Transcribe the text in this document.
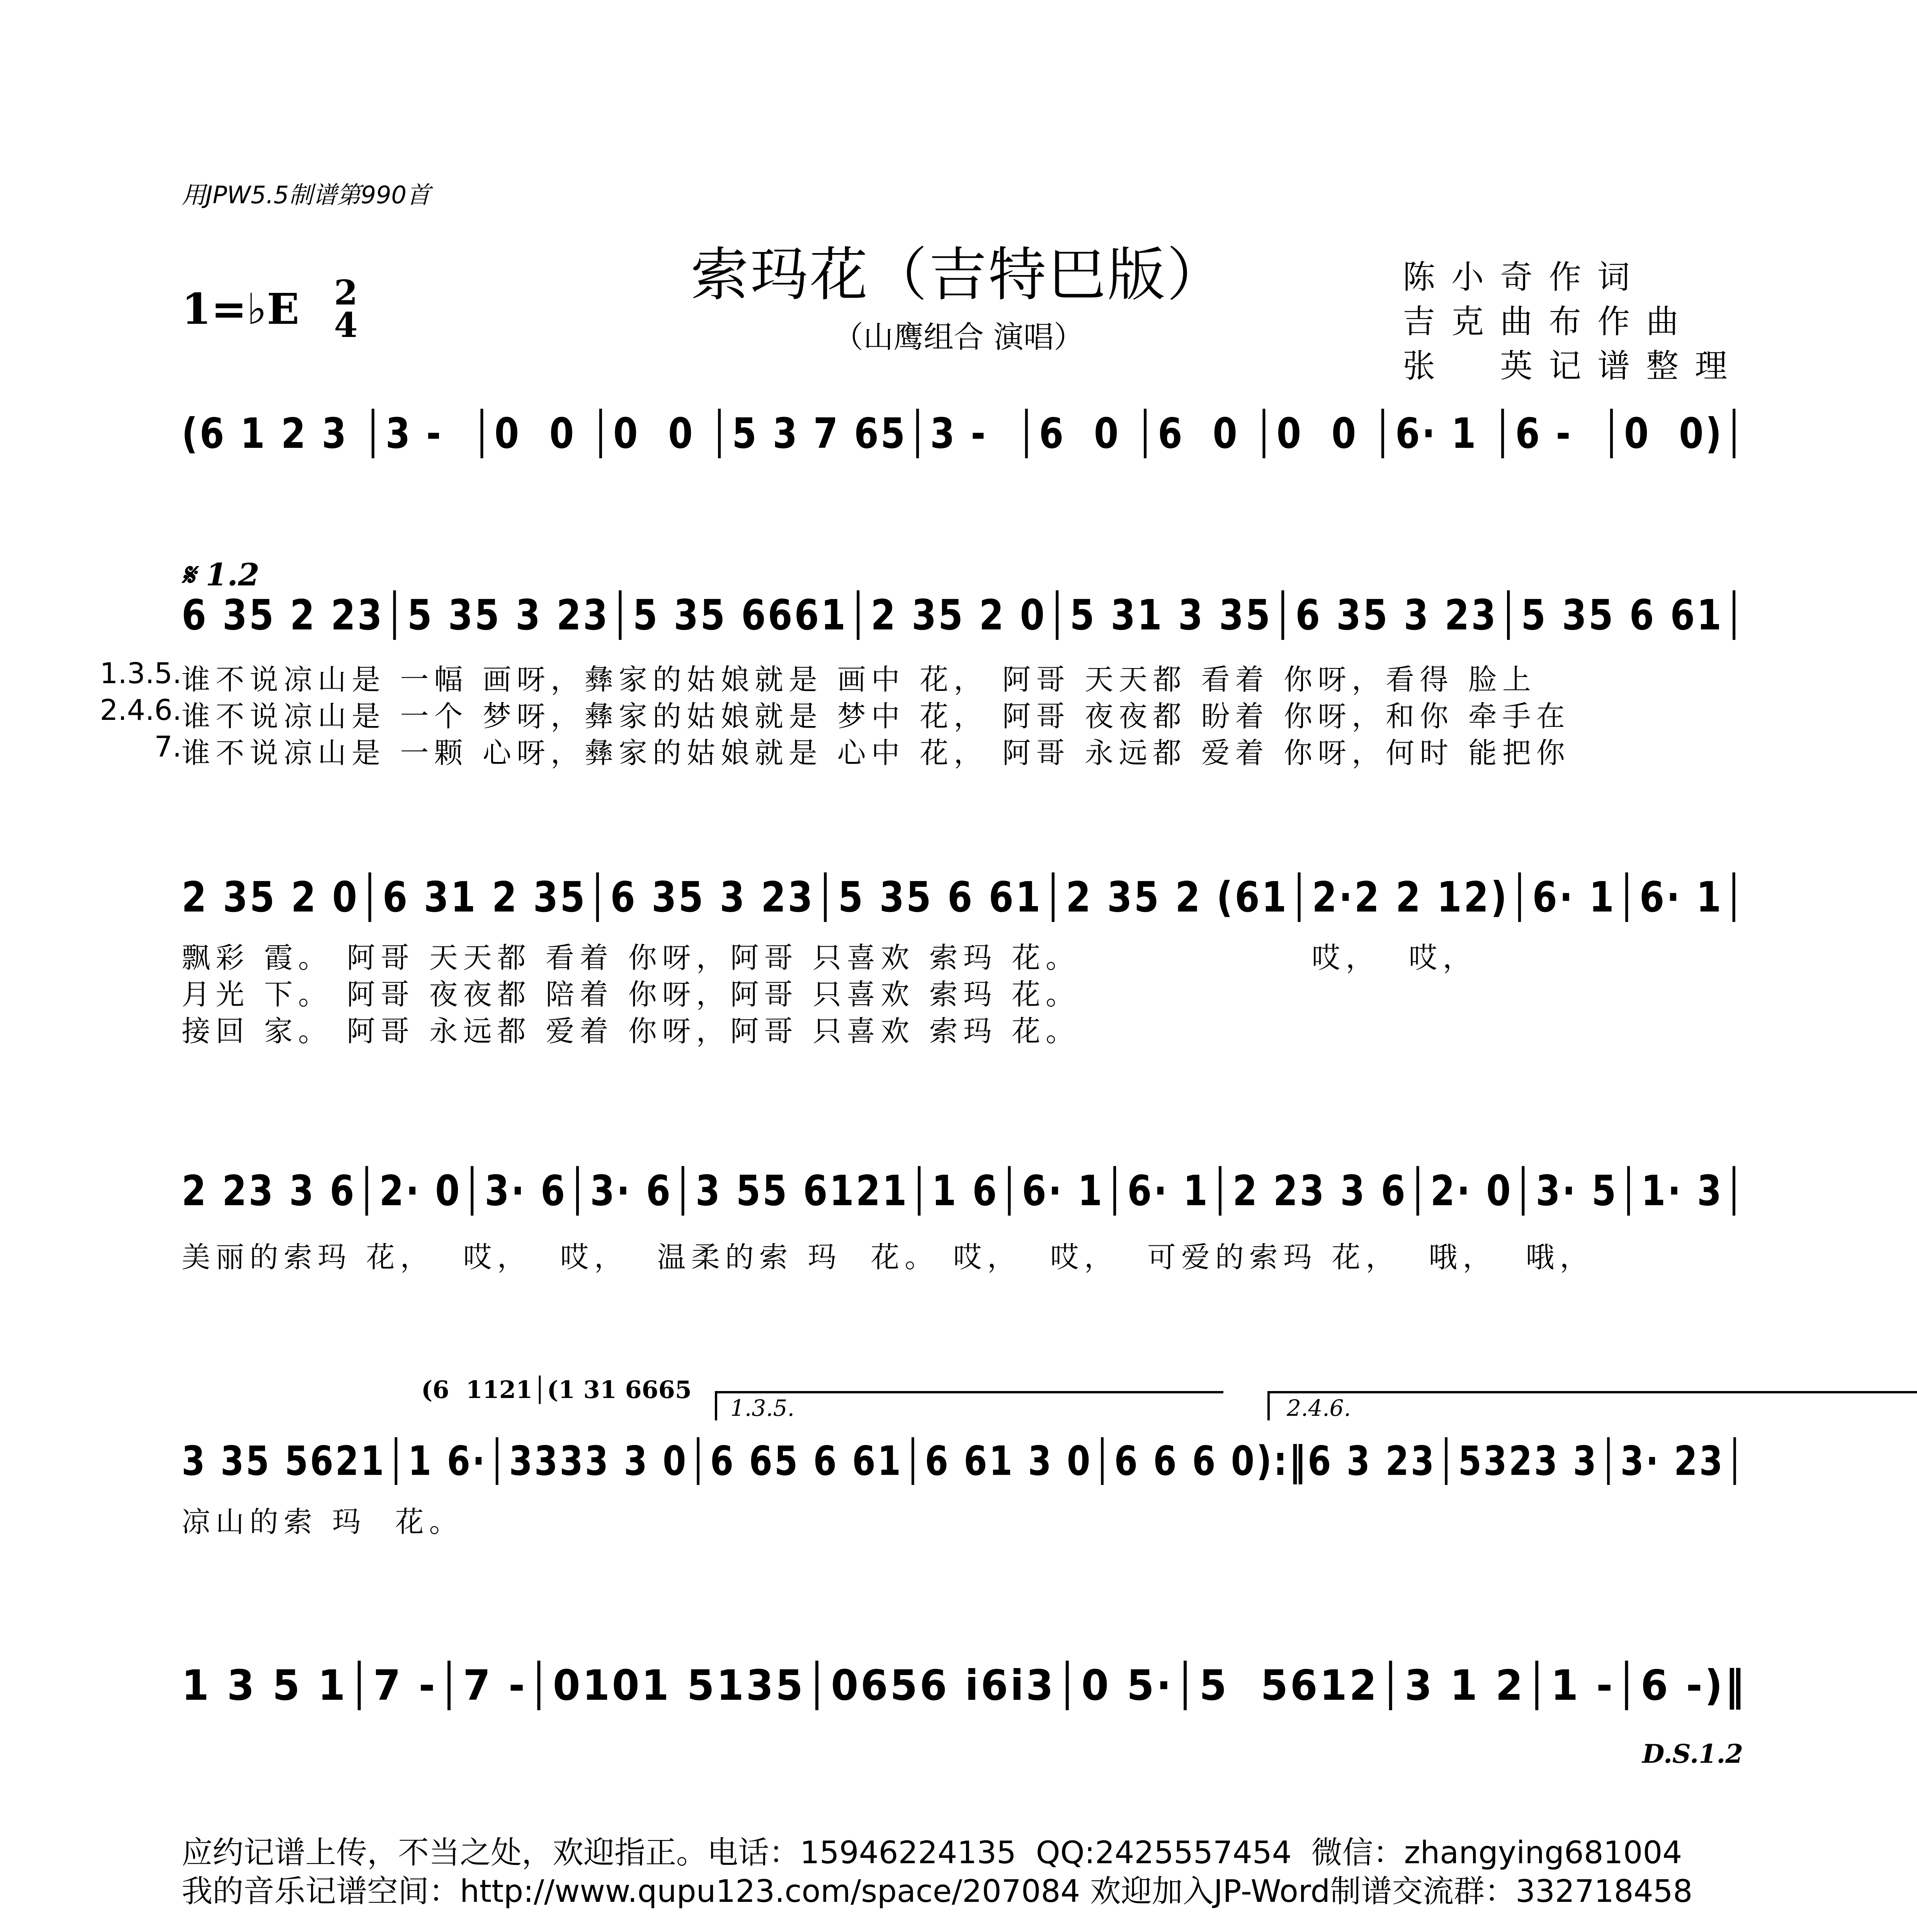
用JPW5.5制谱第990首
索玛花（吉特巴版）
（山鹰组合 演唱）
陈小奇作词
吉克曲布作曲
张　英记谱整理
1=♭E 2
4
(6 1 2 3 │3 -  │0  0 │0  0 │5 3 7 65│3 -  │6  0 │6  0 │0  0 │6· 1 │6 -  │0  0)│
𝄋 1.2
6 35 2 23│5 35 3 23│5 35 6661│2 35 2 0│5 31 3 35│6 35 3 23│5 35 6 61│
1.3.5.
2.4.6.
7.
谁不说凉山是 一幅 画呀，彝家的姑娘就是 画中 花， 阿哥 天天都 看着 你呀，看得 脸上
谁不说凉山是 一个 梦呀，彝家的姑娘就是 梦中 花， 阿哥 夜夜都 盼着 你呀，和你 牵手在
谁不说凉山是 一颗 心呀，彝家的姑娘就是 心中 花， 阿哥 永远都 爱着 你呀，何时 能把你
2 35 2 0│6 31 2 35│6 35 3 23│5 35 6 61│2 35 2 (61│2·2 2 12)│6· 1│6· 1│
飘彩 霞。 阿哥 天天都 看着 你呀，阿哥 只喜欢 索玛 花。                哎，  哎，
月光 下。 阿哥 夜夜都 陪着 你呀，阿哥 只喜欢 索玛 花。
接回 家。 阿哥 永远都 爱着 你呀，阿哥 只喜欢 索玛 花。
2 23 3 6│2· 0│3· 6│3· 6│3 55 6121│1 6│6· 1│6· 1│2 23 3 6│2· 0│3· 5│1· 3│
美丽的索玛 花，  哎，  哎，  温柔的索 玛  花。 哎，  哎，  可爱的索玛 花，  哦，  哦，
(6  1121│(1 31 6665
1.3.5.	2.4.6.
3 35 5621│1 6·│3333 3 0│6 65 6 61│6 61 3 0│6 6 6 0):‖6 3 23│5323 3│3· 23│
凉山的索 玛  花。
1 3 5 1│7 -│7 -│0101 5135│0656 i6i3│0 5·│5  5612│3 1 2│1 -│6 -)‖
D.S.1.2
应约记谱上传，不当之处，欢迎指正。电话：15946224135  QQ:2425557454  微信：zhangying681004
我的音乐记谱空间：http://www.qupu123.com/space/207084 欢迎加入JP-Word制谱交流群：332718458
